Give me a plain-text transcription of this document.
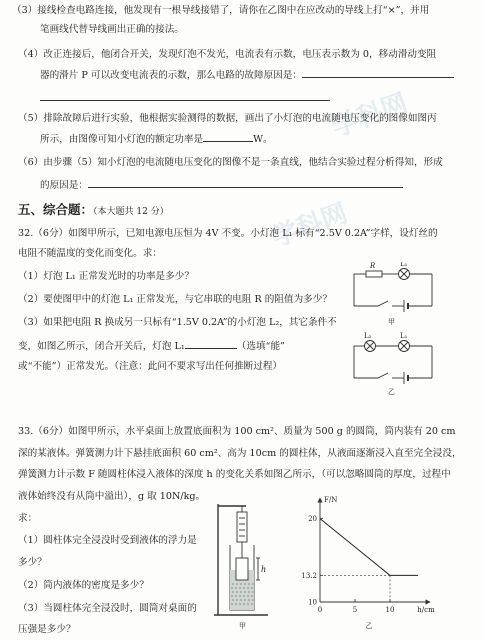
学科网
学科网
（3）接线检查电路连接，他发现有一根导线接错了，请你在乙图中在应改动的导线上打“×”，并用
笔画线代替导线画出正确的接法。
（4）改正连接后，他闭合开关，发现灯泡不发光，电流表有示数，电压表示数为 0，移动滑动变阻
器的滑片 P 可以改变电流表的示数，那么电路的故障原因是：
（5）排除故障后进行实验，他根据实验测得的数据，画出了小灯泡的电流随电压变化的图像如图丙
所示，由图像可知小灯泡的额定功率是	W。
（6）由步骤（5）知小灯泡的电流随电压变化的图像不是一条直线，他结合实验过程分析得知，形成
的原因是：
五、综合题：（本大题共 12 分）
32.（6分）如图甲所示，已知电源电压恒为 4V 不变。小灯泡 L₁ 标有“2.5V 0.2A”字样，设灯丝的
电阻不随温度的变化而变化。求：
（1）灯泡 L₁ 正常发光时的功率是多少？
（2）要使图甲中的灯泡 L₁ 正常发光，与它串联的电阻 R 的阻值为多少？
（3）如果把电阻 R 换成另一只标有“1.5V 0.2A”的小灯泡 L₂，其它条件不
变，如图乙所示，闭合开关后，灯泡 L₁	（选填“能”
或“不能”）正常发光。（注意：此问不要求写出任何推断过程）
R	L₁
甲
L₂	L₁
乙
33.（6分）如图甲所示，水平桌面上放置底面积为 100 cm²、质量为 500 g 的圆筒，筒内装有 20 cm
深的某液体。弹簧测力计下悬挂底面积 60 cm²、高为 10cm 的圆柱体，从液面逐渐浸入直至完全浸没，
弹簧测力计示数 F 随圆柱体浸入液体的深度 h 的变化关系如图乙所示，（可以忽略圆筒的厚度，过程中
液体始终没有从筒中溢出），g 取 10N/kg。
求：
（1）圆柱体完全浸没时受到液体的浮力是
多少？
（2）筒内液体的密度是多少？
（3）当圆柱体完全浸没时，圆筒对桌面的
压强是多少？
h
甲
10
13.2
20
0	5	10
F/N
h/cm
乙
